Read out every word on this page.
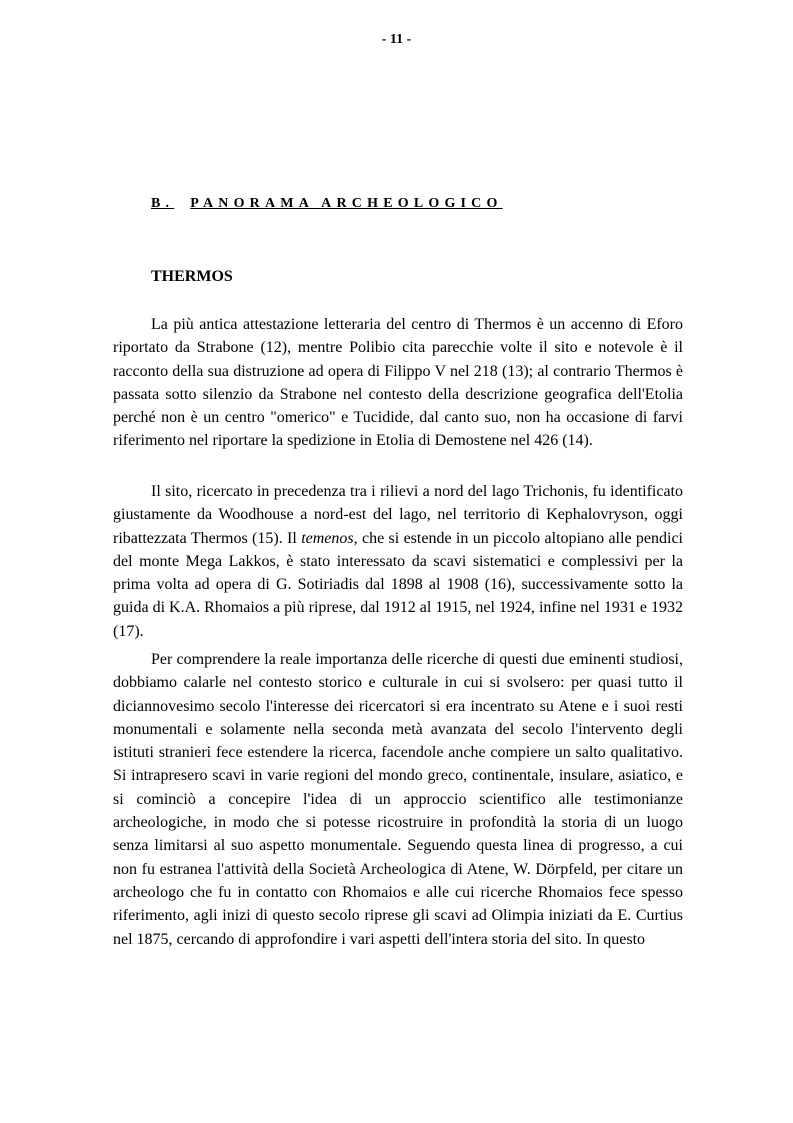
- 11 -
B. PANORAMA ARCHEOLOGICO
THERMOS

La più antica attestazione letteraria del centro di Thermos è un accenno di Eforo riportato da Strabone (12), mentre Polibio cita parecchie volte il sito e notevole è il racconto della sua distruzione ad opera di Filippo V nel 218 (13); al contrario Thermos è passata sotto silenzio da Strabone nel contesto della descrizione geografica dell'Etolia perché non è un centro "omerico" e Tucidide, dal canto suo, non ha occasione di farvi riferimento nel riportare la spedizione in Etolia di Demostene nel 426 (14).

Il sito, ricercato in precedenza tra i rilievi a nord del lago Trichonis, fu identificato giustamente da Woodhouse a nord-est del lago, nel territorio di Kephalovryson, oggi ribattezzata Thermos (15). Il temenos, che si estende in un piccolo altopiano alle pendici del monte Mega Lakkos, è stato interessato da scavi sistematici e complessivi per la prima volta ad opera di G. Sotiriadis dal 1898 al 1908 (16), successivamente sotto la guida di K.A. Rhomaios a più riprese, dal 1912 al 1915, nel 1924, infine nel 1931 e 1932 (17).

Per comprendere la reale importanza delle ricerche di questi due eminenti studiosi, dobbiamo calarle nel contesto storico e culturale in cui si svolsero: per quasi tutto il diciannovesimo secolo l'interesse dei ricercatori si era incentrato su Atene e i suoi resti monumentali e solamente nella seconda metà avanzata del secolo l'intervento degli istituti stranieri fece estendere la ricerca, facendole anche compiere un salto qualitativo. Si intrapresero scavi in varie regioni del mondo greco, continentale, insulare, asiatico, e si cominciò a concepire l'idea di un approccio scientifico alle testimonianze archeologiche, in modo che si potesse ricostruire in profondità la storia di un luogo senza limitarsi al suo aspetto monumentale. Seguendo questa linea di progresso, a cui non fu estranea l'attività della Società Archeologica di Atene, W. Dörpfeld, per citare un archeologo che fu in contatto con Rhomaios e alle cui ricerche Rhomaios fece spesso riferimento, agli inizi di questo secolo riprese gli scavi ad Olimpia iniziati da E. Curtius nel 1875, cercando di approfondire i vari aspetti dell'intera storia del sito. In questo
